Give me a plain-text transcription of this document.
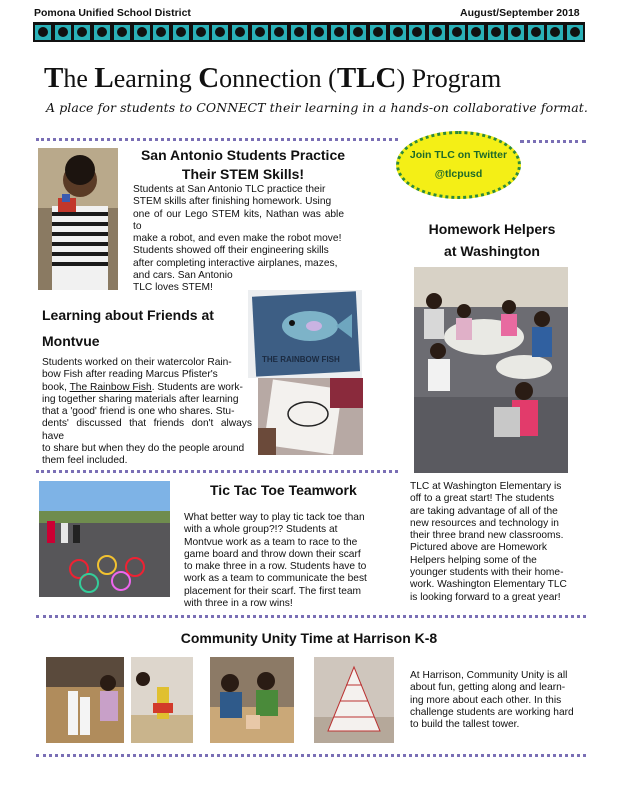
Pomona Unified School District	August/September 2018
The Learning Connection (TLC) Program
A place for students to CONNECT their learning in a hands-on collaborative format.
Join TLC on Twitter
@tlcpusd
San Antonio Students Practice
Their STEM Skills!
Students at San Antonio TLC practice their
STEM skills after finishing homework. Using
one of our Lego STEM kits, Nathan was able to
make a robot, and even make the robot move!
Students showed off their engineering skills
after completing interactive airplanes, mazes,
and cars. San Antonio
TLC loves STEM!
THE RAINBOW FISH
Learning about Friends at
Montvue
Students worked on their watercolor Rain-
bow Fish after reading Marcus Pfister's
book, The Rainbow Fish. Students are work-
ing together sharing materials after learning
that a 'good' friend is one who shares. Stu-
dents' discussed that friends don't always have
to share but when they do the people around
them feel included.
Homework Helpers
at Washington
TLC at Washington Elementary is
off to a great start! The students
are taking advantage of all of the
new resources and technology in
their three brand new classrooms.
Pictured above are Homework
Helpers helping some of the
younger students with their home-
work. Washington Elementary TLC
is looking forward to a great year!
Tic Tac Toe Teamwork
What better way to play tic tack toe than
with a whole group?!? Students at
Montvue work as a team to race to the
game board and throw down their scarf
to make three in a row. Students have to
work as a team to communicate the best
placement for their scarf. The first team
with three in a row wins!
Community Unity Time at Harrison K-8
At Harrison, Community Unity is all
about fun, getting along and learn-
ing more about each other. In this
challenge students are working hard
to build the tallest tower.
